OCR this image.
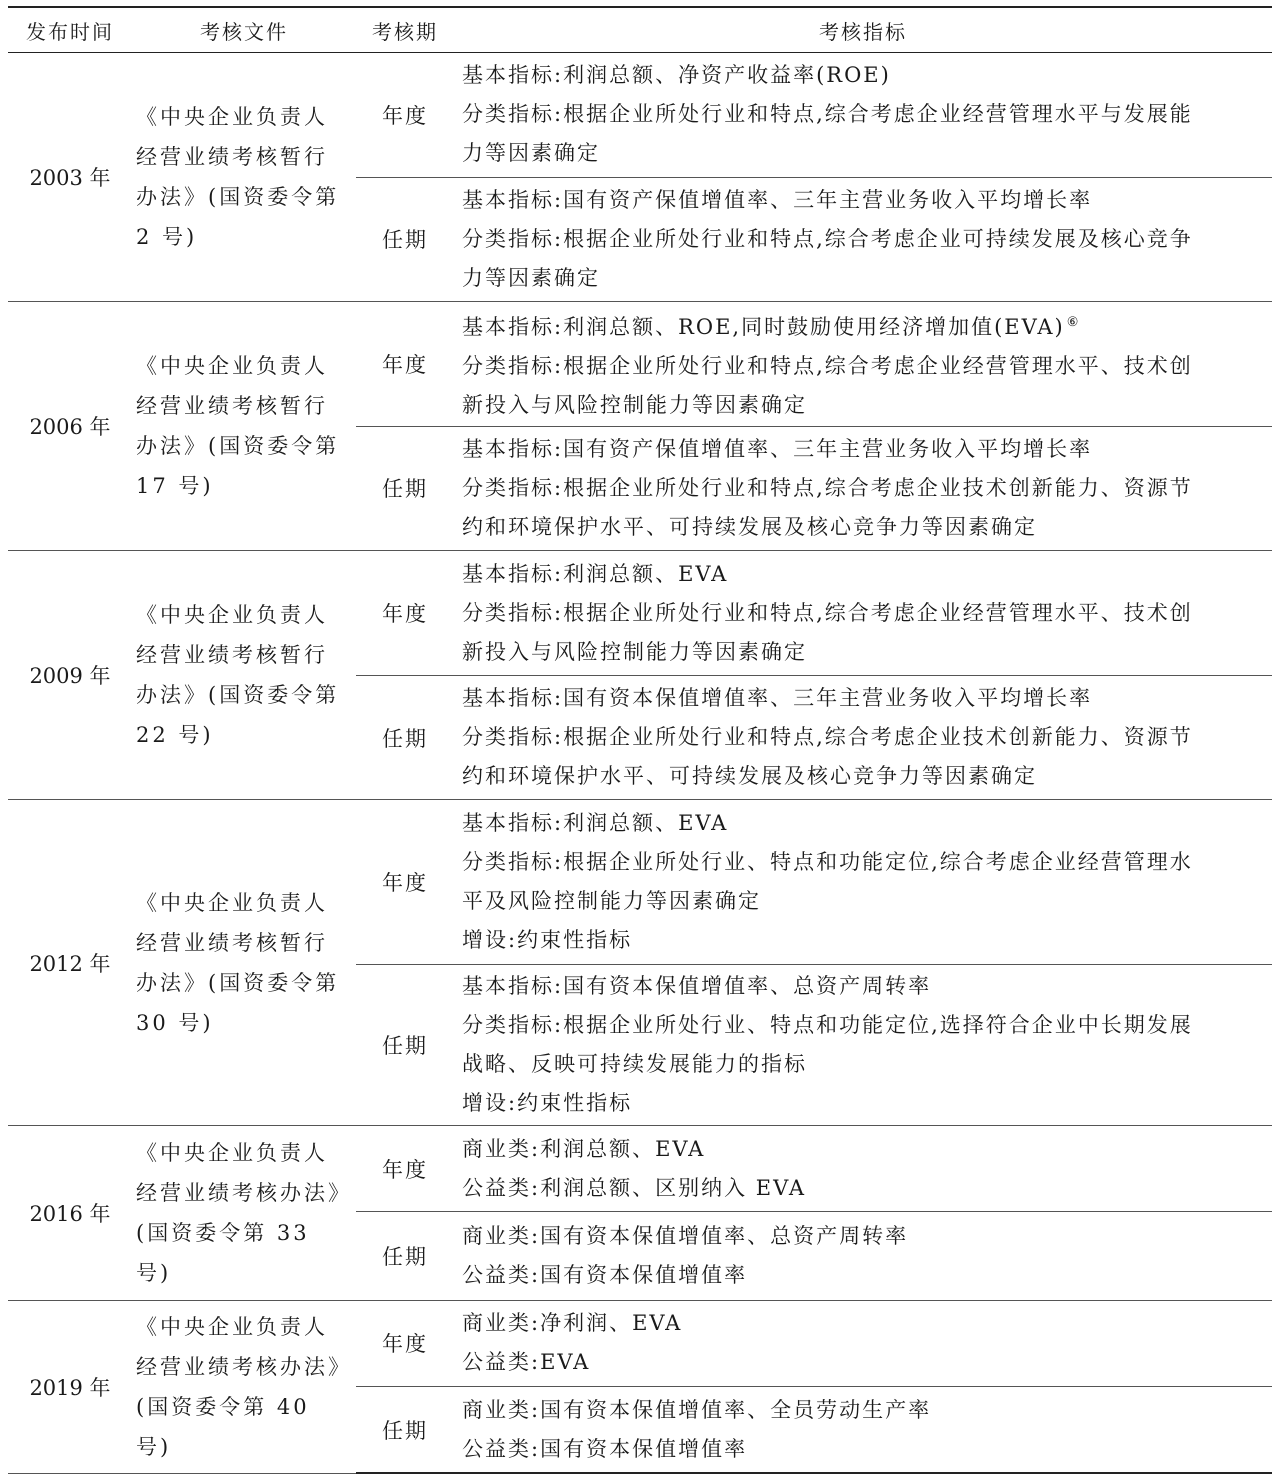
发布时间	考核文件	考核期	考核指标
2003 年	《中央企业负责人经营业绩考核暂行办法》(国资委令第 2 号)	年度	基本指标:利润总额、净资产收益率(ROE)
分类指标:根据企业所处行业和特点,综合考虑企业经营管理水平与发展能
力等因素确定

		任期	基本指标:国有资产保值增值率、三年主营业务收入平均增长率
分类指标:根据企业所处行业和特点,综合考虑企业可持续发展及核心竞争
力等因素确定

2006 年	《中央企业负责人经营业绩考核暂行办法》(国资委令第 17 号)	年度	基本指标:利润总额、ROE,同时鼓励使用经济增加值(EVA) ⑥
分类指标:根据企业所处行业和特点,综合考虑企业经营管理水平、技术创
新投入与风险控制能力等因素确定

		任期	基本指标:国有资产保值增值率、三年主营业务收入平均增长率
分类指标:根据企业所处行业和特点,综合考虑企业技术创新能力、资源节
约和环境保护水平、可持续发展及核心竞争力等因素确定

2009 年	《中央企业负责人经营业绩考核暂行办法》(国资委令第 22 号)	年度	基本指标:利润总额、EVA
分类指标:根据企业所处行业和特点,综合考虑企业经营管理水平、技术创
新投入与风险控制能力等因素确定

		任期	基本指标:国有资本保值增值率、三年主营业务收入平均增长率
分类指标:根据企业所处行业和特点,综合考虑企业技术创新能力、资源节
约和环境保护水平、可持续发展及核心竞争力等因素确定

2012 年	《中央企业负责人经营业绩考核暂行办法》(国资委令第 30 号)	年度	基本指标:利润总额、EVA
分类指标:根据企业所处行业、特点和功能定位,综合考虑企业经营管理水
平及风险控制能力等因素确定
增设:约束性指标

		任期	基本指标:国有资本保值增值率、总资产周转率
分类指标:根据企业所处行业、特点和功能定位,选择符合企业中长期发展
战略、反映可持续发展能力的指标
增设:约束性指标

2016 年	《中央企业负责人经营业绩考核办法》(国资委令第 33 号)	年度	商业类:利润总额、EVA
公益类:利润总额、区别纳入 EVA

		任期	商业类:国有资本保值增值率、总资产周转率
公益类:国有资本保值增值率

2019 年	《中央企业负责人经营业绩考核办法》(国资委令第 40 号)	年度	商业类:净利润、EVA
公益类:EVA

		任期	商业类:国有资本保值增值率、全员劳动生产率
公益类:国有资本保值增值率
